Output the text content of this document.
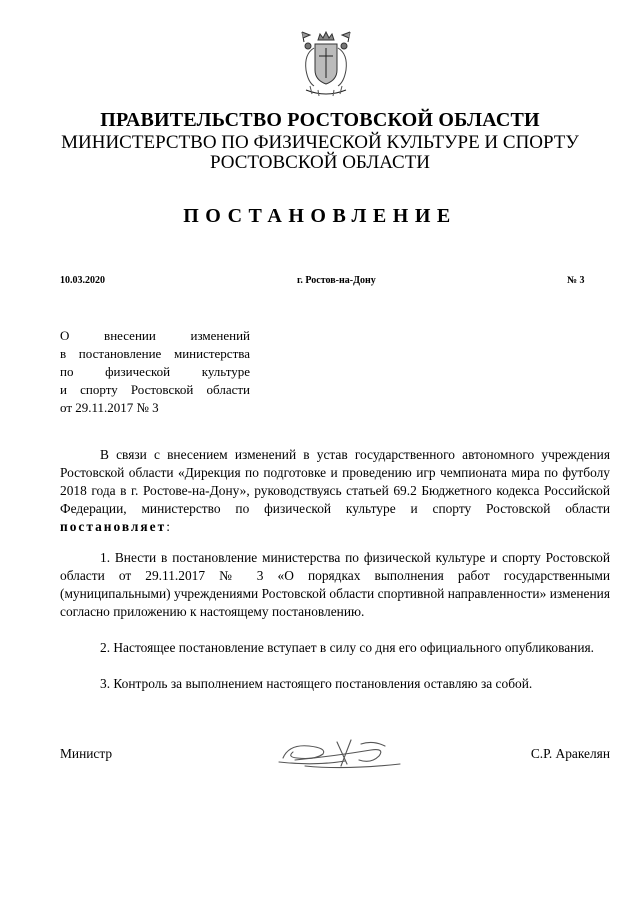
ПРАВИТЕЛЬСТВО РОСТОВСКОЙ ОБЛАСТИ
МИНИСТЕРСТВО ПО ФИЗИЧЕСКОЙ КУЛЬТУРЕ И СПОРТУ
РОСТОВСКОЙ ОБЛАСТИ
ПОСТАНОВЛЕНИЕ
10.03.2020	г. Ростов-на-Дону	№ 3
О внесении изменений
в постановление министерства
по физической культуре
и спорту Ростовской области
от 29.11.2017 № 3
В связи с внесением изменений в устав государственного автономного учреждения Ростовской области «Дирекция по подготовке и проведению игр чемпионата мира по футболу 2018 года в г. Ростове-на-Дону», руководствуясь статьей 69.2 Бюджетного кодекса Российской Федерации, министерство по физической культуре и спорту Ростовской области постановляет:
1. Внести в постановление министерства по физической культуре и спорту Ростовской области от 29.11.2017 № 3 «О порядках выполнения работ государственными (муниципальными) учреждениями Ростовской области спортивной направленности» изменения согласно приложению к настоящему постановлению.
2. Настоящее постановление вступает в силу со дня его официального опубликования.
3. Контроль за выполнением настоящего постановления оставляю за собой.
Министр	С.Р. Аракелян
